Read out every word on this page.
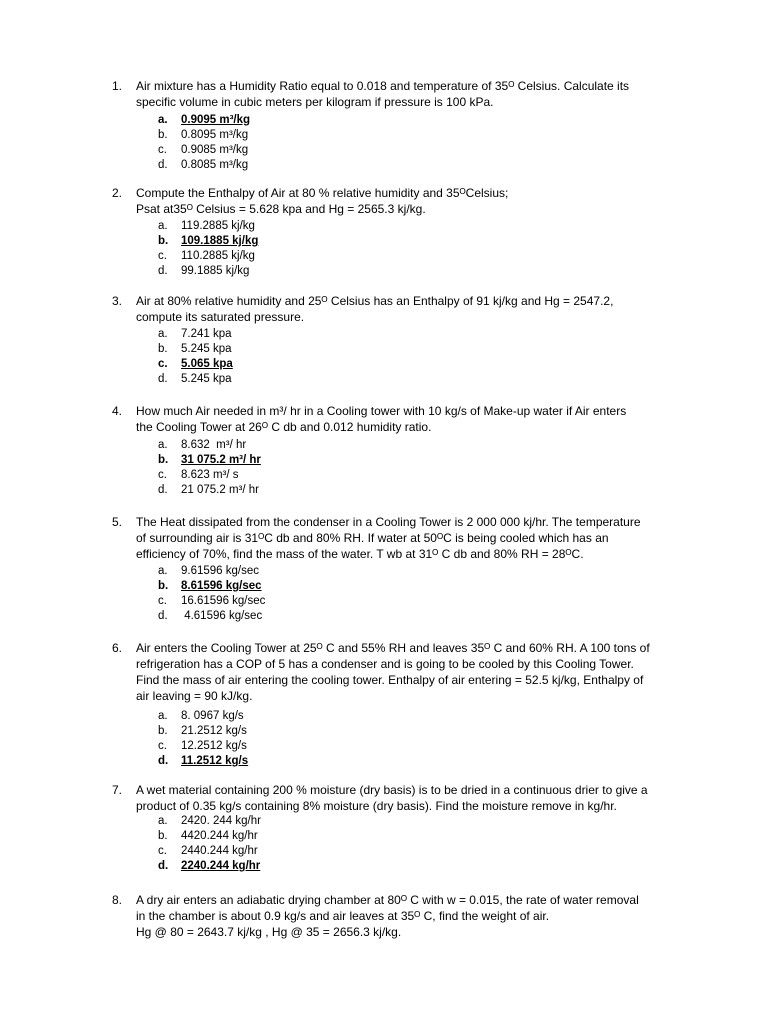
1. Air mixture has a Humidity Ratio equal to 0.018 and temperature of 35ᴼ Celsius. Calculate its
specific volume in cubic meters per kilogram if pressure is 100 kPa.
a. 0.9095 m³/kg
b. 0.8095 m³/kg
c. 0.9085 m³/kg
d. 0.8085 m³/kg
2. Compute the Enthalpy of Air at 80 % relative humidity and 35ᴼCelsius;
Psat at35ᴼ Celsius = 5.628 kpa and Hg = 2565.3 kj/kg.
a. 119.2885 kj/kg
b. 109.1885 kj/kg
c. 110.2885 kj/kg
d. 99.1885 kj/kg
3. Air at 80% relative humidity and 25ᴼ Celsius has an Enthalpy of 91 kj/kg and Hg = 2547.2,
compute its saturated pressure.
a. 7.241 kpa
b. 5.245 kpa
c. 5.065 kpa
d. 5.245 kpa
4. How much Air needed in m³/ hr in a Cooling tower with 10 kg/s of Make-up water if Air enters
the Cooling Tower at 26ᴼ C db and 0.012 humidity ratio.
a. 8.632  m³/ hr
b. 31 075.2 m³/ hr
c. 8.623 m³/ s
d. 21 075.2 m³/ hr
5. The Heat dissipated from the condenser in a Cooling Tower is 2 000 000 kj/hr. The temperature
of surrounding air is 31ᴼC db and 80% RH. If water at 50ᴼC is being cooled which has an
efficiency of 70%, find the mass of the water. T wb at 31ᴼ C db and 80% RH = 28ᴼC.
a. 9.61596 kg/sec
b. 8.61596 kg/sec
c. 16.61596 kg/sec
d. 4.61596 kg/sec
6. Air enters the Cooling Tower at 25ᴼ C and 55% RH and leaves 35ᴼ C and 60% RH. A 100 tons of
refrigeration has a COP of 5 has a condenser and is going to be cooled by this Cooling Tower.
Find the mass of air entering the cooling tower. Enthalpy of air entering = 52.5 kj/kg, Enthalpy of
air leaving = 90 kJ/kg.
a. 8. 0967 kg/s
b. 21.2512 kg/s
c. 12.2512 kg/s
d. 11.2512 kg/s
7. A wet material containing 200 % moisture (dry basis) is to be dried in a continuous drier to give a
product of 0.35 kg/s containing 8% moisture (dry basis). Find the moisture remove in kg/hr.
a. 2420. 244 kg/hr
b. 4420.244 kg/hr
c. 2440.244 kg/hr
d. 2240.244 kg/hr
8. A dry air enters an adiabatic drying chamber at 80ᴼ C with w = 0.015, the rate of water removal
in the chamber is about 0.9 kg/s and air leaves at 35ᴼ C, find the weight of air.
Hg @ 80 = 2643.7 kj/kg , Hg @ 35 = 2656.3 kj/kg.
